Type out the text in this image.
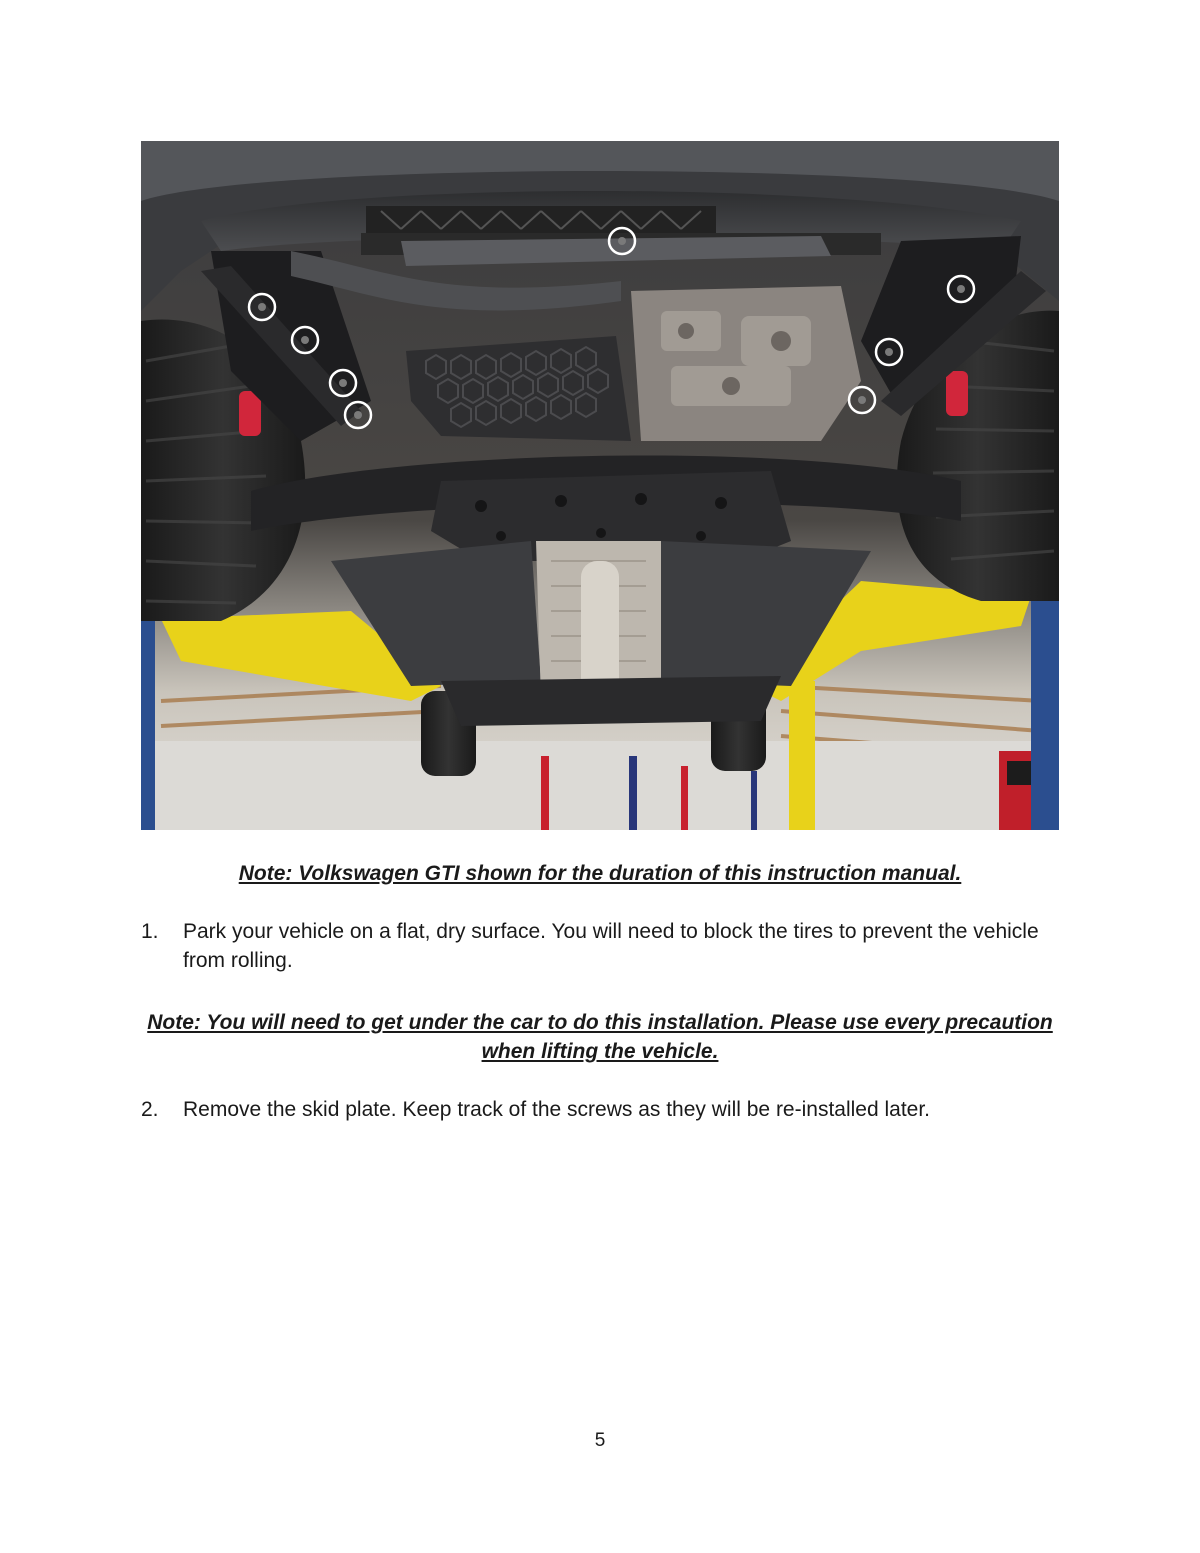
Note: Volkswagen GTI shown for the duration of this instruction manual.
1.	Park your vehicle on a flat, dry surface. You will need to block the tires to prevent the vehicle from rolling.
Note: You will need to get under the car to do this installation. Please use every precaution when lifting the vehicle.
2.	Remove the skid plate. Keep track of the screws as they will be re-installed later.
5
